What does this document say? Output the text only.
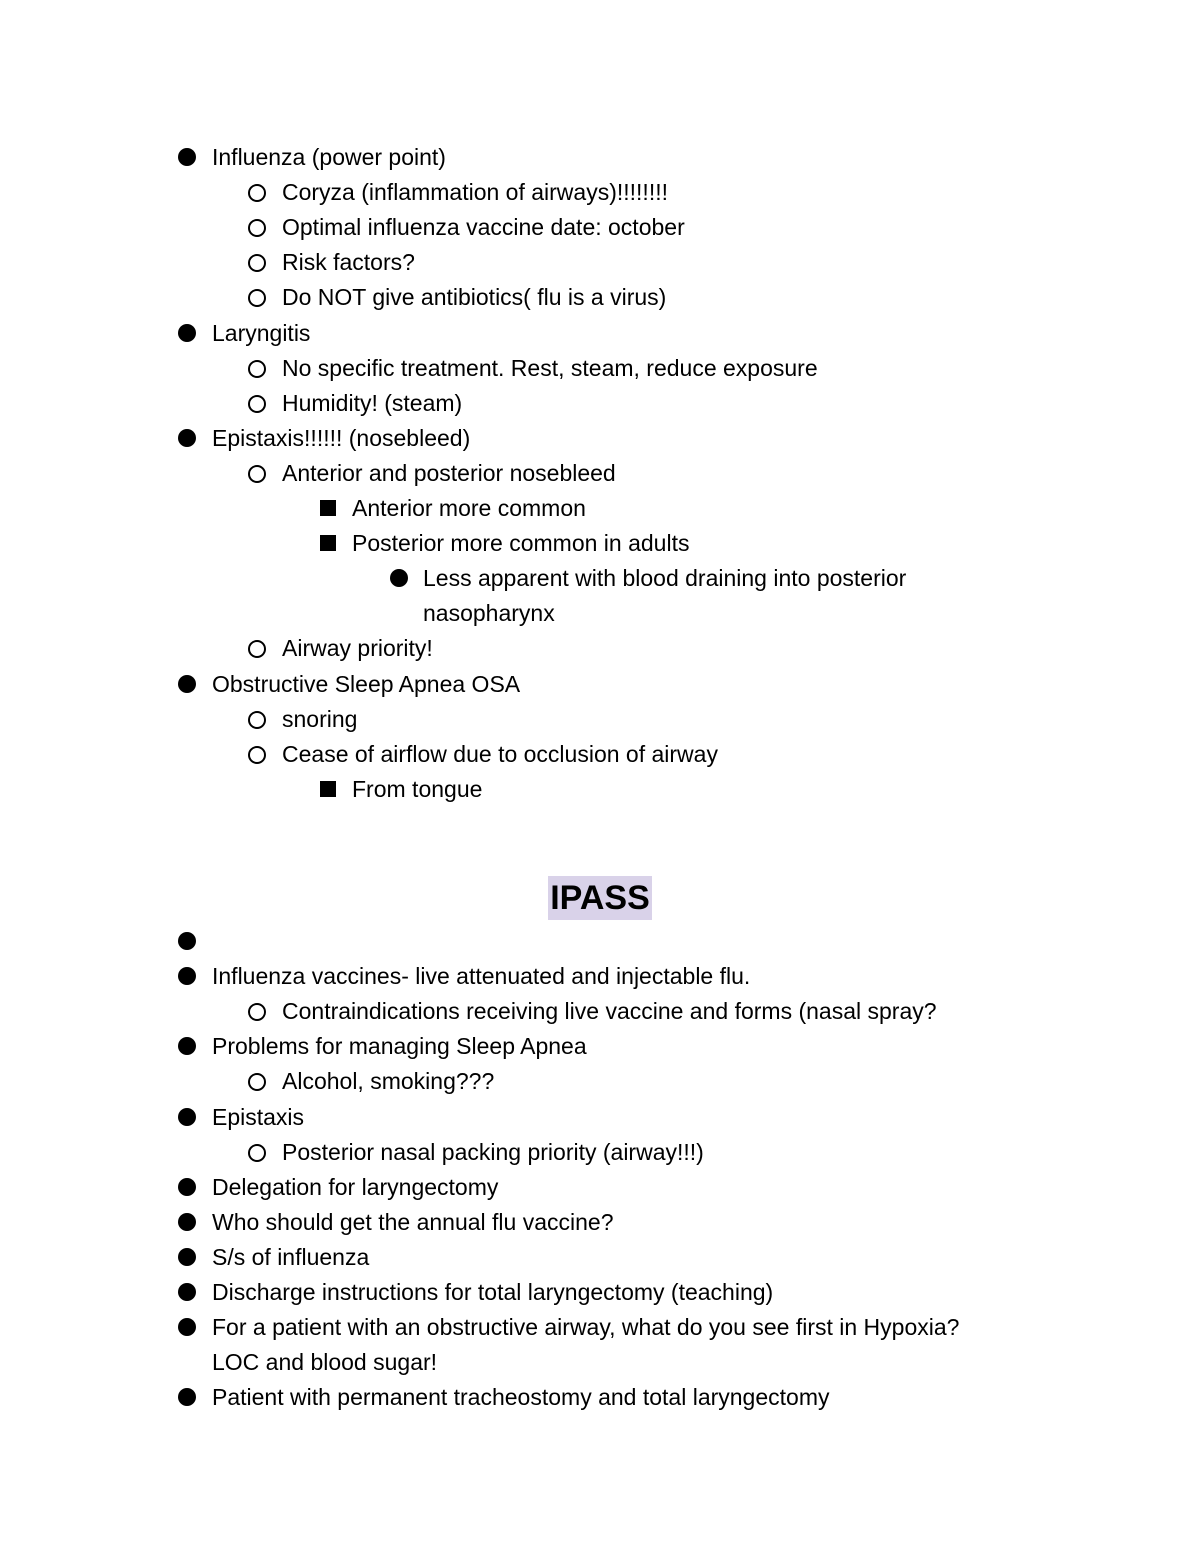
Influenza (power point)
Coryza (inflammation of airways)!!!!!!!!
Optimal influenza vaccine date: october
Risk factors?
Do NOT give antibiotics( flu is a virus)
Laryngitis
No specific treatment. Rest, steam, reduce exposure
Humidity! (steam)
Epistaxis!!!!!! (nosebleed)
Anterior and posterior nosebleed
Anterior more common
Posterior more common in adults
Less apparent with blood draining into posterior
nasopharynx
Airway priority!
Obstructive Sleep Apnea OSA
snoring
Cease of airflow due to occlusion of airway
From tongue
IPASS
Influenza vaccines- live attenuated and injectable flu.
Contraindications receiving live vaccine and forms (nasal spray?
Problems for managing Sleep Apnea
Alcohol, smoking???
Epistaxis
Posterior nasal packing priority (airway!!!)
Delegation for laryngectomy
Who should get the annual flu vaccine?
S/s of influenza
Discharge instructions for total laryngectomy (teaching)
For a patient with an obstructive airway, what do you see first in Hypoxia?
LOC and blood sugar!
Patient with permanent tracheostomy and total laryngectomy
